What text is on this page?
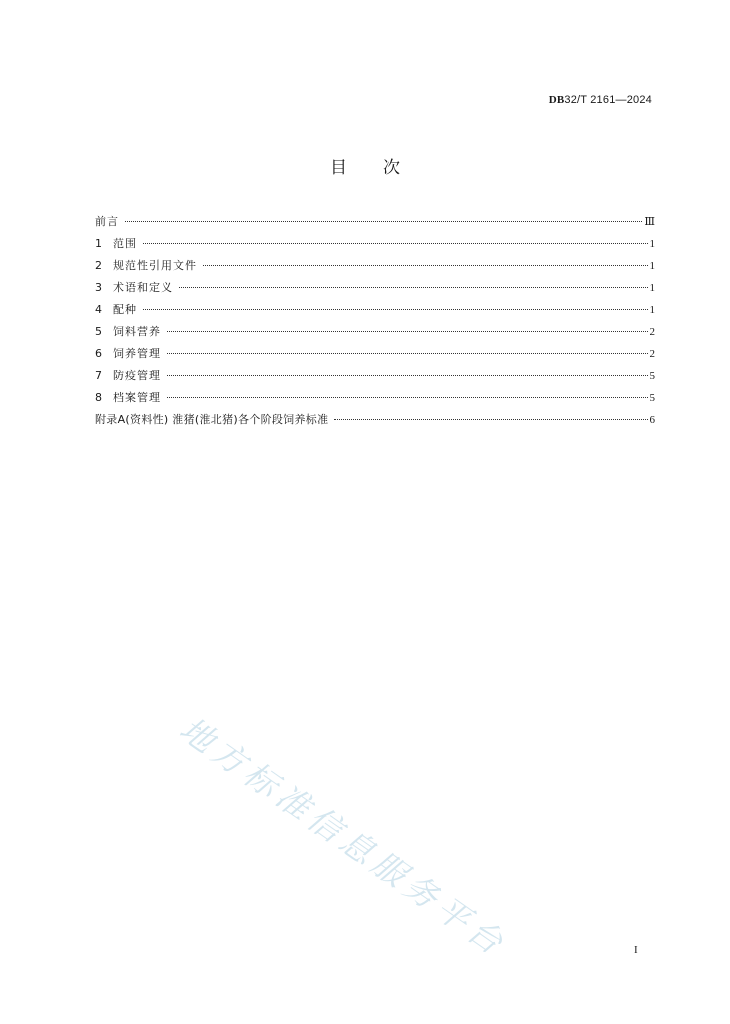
DB32/T 2161—2024
目 次
前言	Ⅲ
1	范围	1
2	规范性引用文件	1
3	术语和定义	1
4	配种	1
5	饲料营养	2
6	饲养管理	2
7	防疫管理	5
8	档案管理	5
附录A(资料性) 淮猪(淮北猪)各个阶段饲养标准	6
地方标准信息服务平台	I
